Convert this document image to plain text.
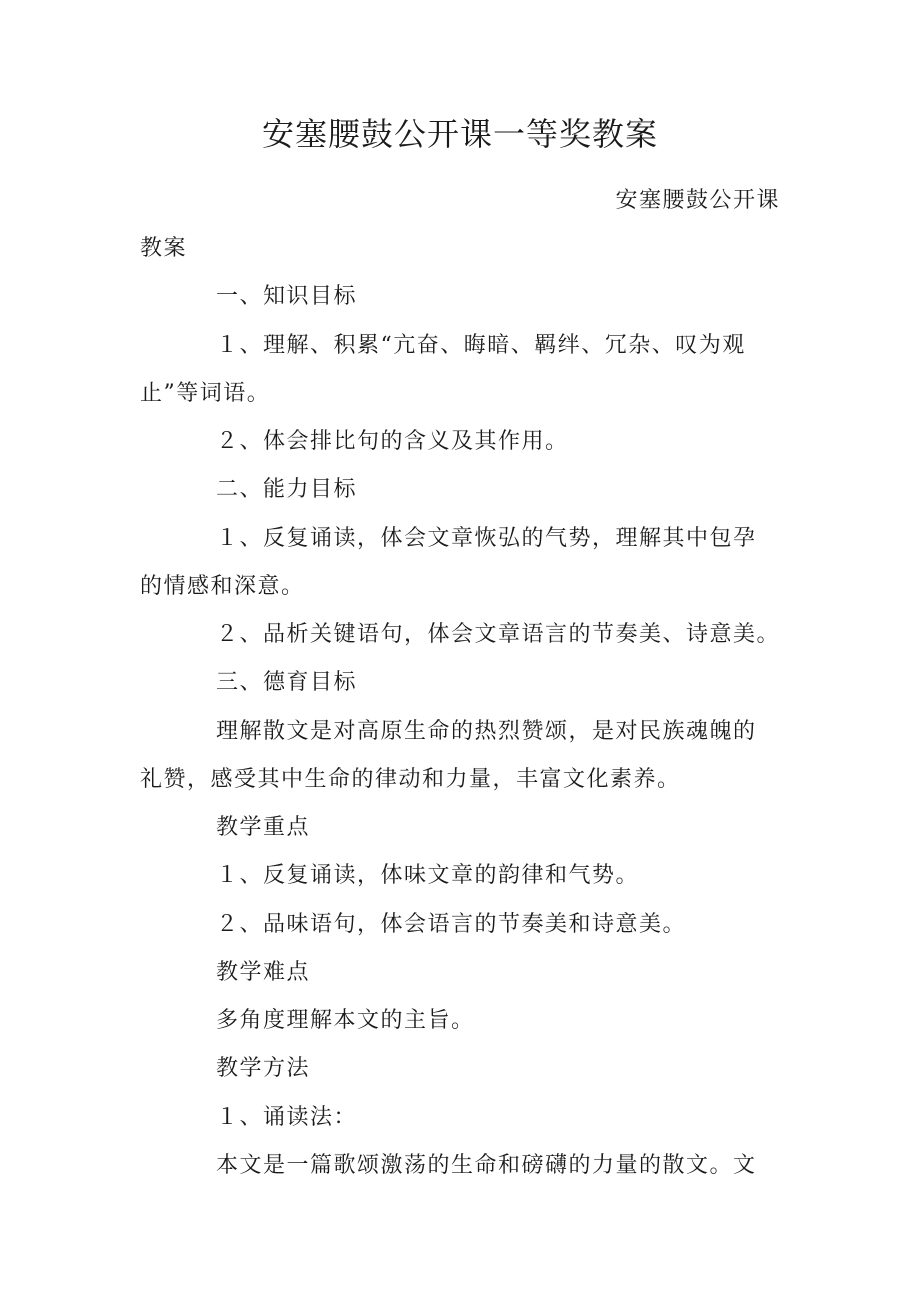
安塞腰鼓公开课一等奖教案

安塞腰鼓公开课

教案

一、知识目标

１、理解、积累“亢奋、晦暗、羁绊、冗杂、叹为观

止”等词语。

２、体会排比句的含义及其作用。

二、能力目标

１、反复诵读，体会文章恢弘的气势，理解其中包孕

的情感和深意。

２、品析关键语句，体会文章语言的节奏美、诗意美。

三、德育目标

理解散文是对高原生命的热烈赞颂，是对民族魂魄的

礼赞，感受其中生命的律动和力量，丰富文化素养。

教学重点

１、反复诵读，体味文章的韵律和气势。

２、品味语句，体会语言的节奏美和诗意美。

教学难点

多角度理解本文的主旨。

教学方法

１、诵读法：

本文是一篇歌颂激荡的生命和磅礴的力量的散文。文
